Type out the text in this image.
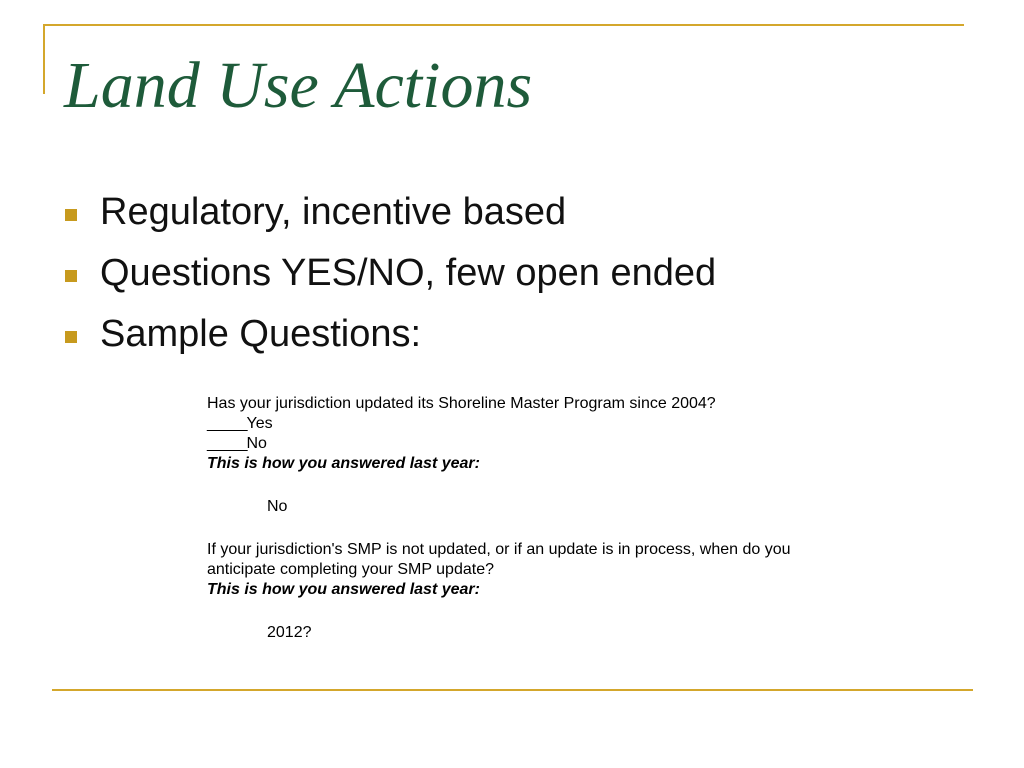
Land Use Actions
Regulatory, incentive based
Questions YES/NO, few open ended
Sample Questions:
Has your jurisdiction updated its Shoreline Master Program since 2004?
_____Yes
_____No
This is how you answered last year:
No
If your jurisdiction's SMP is not updated, or if an update is in process, when do you
anticipate completing your SMP update?
This is how you answered last year:
2012?
